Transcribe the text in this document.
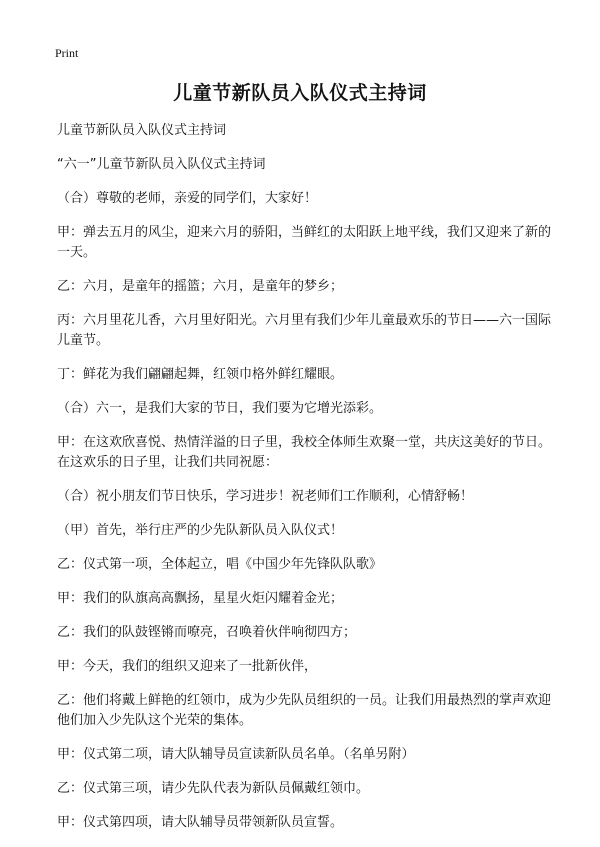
Print
儿童节新队员入队仪式主持词

儿童节新队员入队仪式主持词

“六一”儿童节新队员入队仪式主持词

（合）尊敬的老师，亲爱的同学们，大家好！

甲：弹去五月的风尘，迎来六月的骄阳，当鲜红的太阳跃上地平线，我们又迎来了新的一天。

乙：六月，是童年的摇篮；六月，是童年的梦乡；

丙：六月里花儿香，六月里好阳光。六月里有我们少年儿童最欢乐的节日——六一国际儿童节。

丁：鲜花为我们翩翩起舞，红领巾格外鲜红耀眼。

（合）六一，是我们大家的节日，我们要为它增光添彩。

甲：在这欢欣喜悦、热情洋溢的日子里，我校全体师生欢聚一堂，共庆这美好的节日。在这欢乐的日子里，让我们共同祝愿：

（合）祝小朋友们节日快乐，学习进步！祝老师们工作顺利，心情舒畅！

（甲）首先，举行庄严的少先队新队员入队仪式！

乙：仪式第一项，全体起立，唱《中国少年先锋队队歌》

甲：我们的队旗高高飘扬，星星火炬闪耀着金光；

乙：我们的队鼓铿锵而嘹亮，召唤着伙伴响彻四方；

甲：今天，我们的组织又迎来了一批新伙伴，

乙：他们将戴上鲜艳的红领巾，成为少先队员组织的一员。让我们用最热烈的掌声欢迎他们加入少先队这个光荣的集体。

甲：仪式第二项，请大队辅导员宣读新队员名单。（名单另附）

乙：仪式第三项，请少先队代表为新队员佩戴红领巾。

甲：仪式第四项，请大队辅导员带领新队员宣誓。
